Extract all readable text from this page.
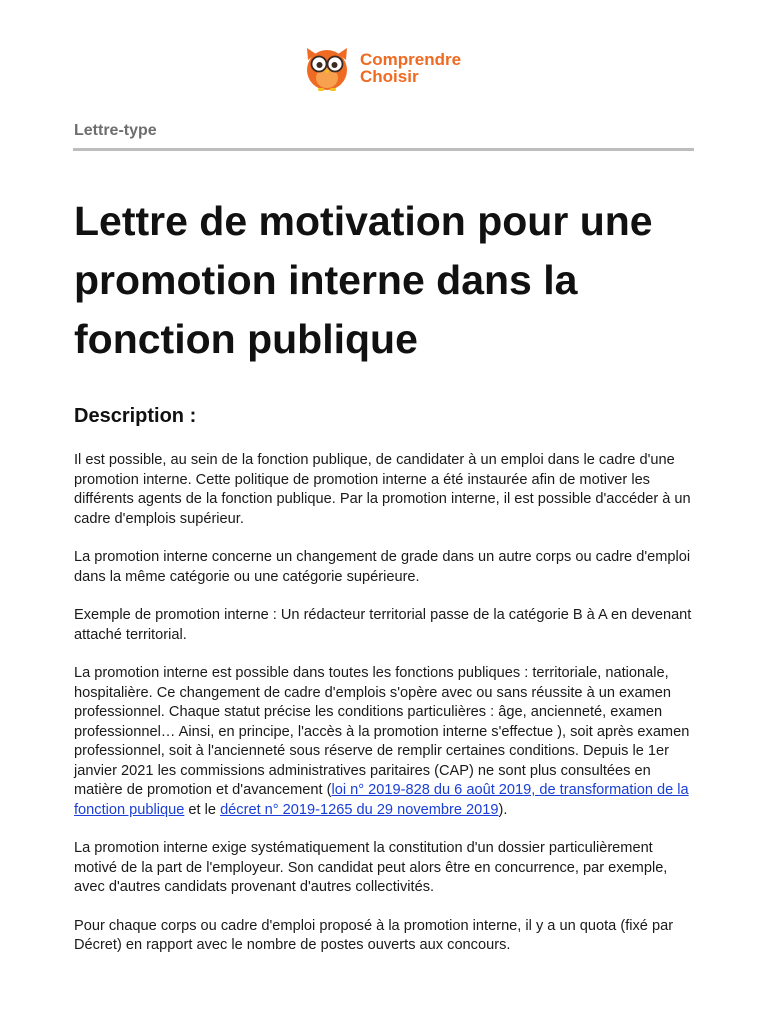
Comprendre
Choisir
Lettre-type
Lettre de motivation pour une promotion interne dans la fonction publique
Description :

Il est possible, au sein de la fonction publique, de candidater à un emploi dans le cadre d'une promotion interne. Cette politique de promotion interne a été instaurée afin de motiver les différents agents de la fonction publique. Par la promotion interne, il est possible d'accéder à un cadre d'emplois supérieur.

La promotion interne concerne un changement de grade dans un autre corps ou cadre d'emploi dans la même catégorie ou une catégorie supérieure.

Exemple de promotion interne : Un rédacteur territorial passe de la catégorie B à A en devenant attaché territorial.

La promotion interne est possible dans toutes les fonctions publiques : territoriale, nationale, hospitalière. Ce changement de cadre d'emplois s'opère avec ou sans réussite à un examen professionnel. Chaque statut précise les conditions particulières : âge, ancienneté, examen professionnel… Ainsi, en principe, l'accès à la promotion interne s'effectue ), soit après examen professionnel, soit à l'ancienneté sous réserve de remplir certaines conditions. Depuis le 1er janvier 2021 les commissions administratives paritaires (CAP) ne sont plus consultées en matière de promotion et d'avancement (loi n° 2019-828 du 6 août 2019, de transformation de la fonction publique et le décret n° 2019-1265 du 29 novembre 2019).

La promotion interne exige systématiquement la constitution d'un dossier particulièrement motivé de la part de l'employeur. Son candidat peut alors être en concurrence, par exemple, avec d'autres candidats provenant d'autres collectivités.

Pour chaque corps ou cadre d'emploi proposé à la promotion interne, il y a un quota (fixé par Décret) en rapport avec le nombre de postes ouverts aux concours.
